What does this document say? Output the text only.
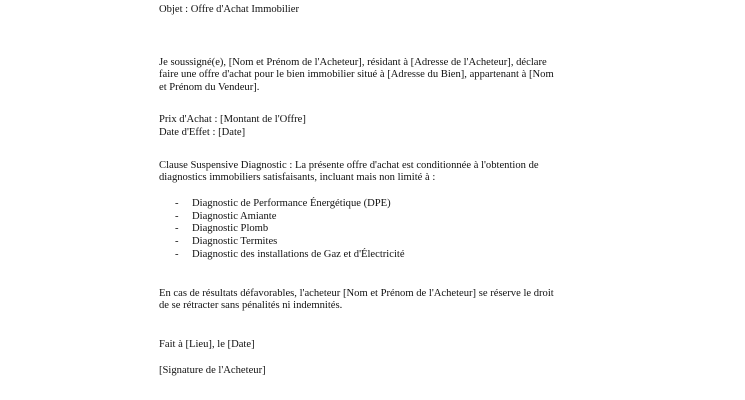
Objet : Offre d'Achat Immobilier

Je soussigné(e), [Nom et Prénom de l'Acheteur], résidant à [Adresse de l'Acheteur], déclare

faire une offre d'achat pour le bien immobilier situé à [Adresse du Bien], appartenant à [Nom

et Prénom du Vendeur].

Prix d'Achat : [Montant de l'Offre]

Date d'Effet : [Date]

Clause Suspensive Diagnostic : La présente offre d'achat est conditionnée à l'obtention de

diagnostics immobiliers satisfaisants, incluant mais non limité à :

- Diagnostic de Performance Énergétique (DPE)
- Diagnostic Amiante
- Diagnostic Plomb
- Diagnostic Termites
- Diagnostic des installations de Gaz et d'Électricité

En cas de résultats défavorables, l'acheteur [Nom et Prénom de l'Acheteur] se réserve le droit

de se rétracter sans pénalités ni indemnités.

Fait à [Lieu], le [Date]

[Signature de l'Acheteur]
